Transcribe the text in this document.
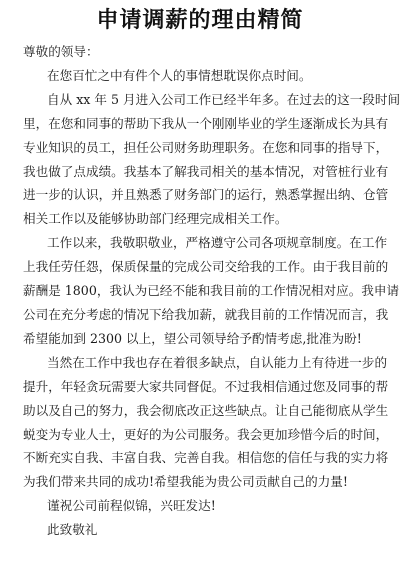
申请调薪的理由精简
尊敬的领导：
在您百忙之中有件个人的事情想耽误你点时间。
自从 xx 年 5 月进入公司工作已经半年多。在过去的这一段时间
里，在您和同事的帮助下我从一个刚刚毕业的学生逐渐成长为具有
专业知识的员工，担任公司财务助理职务。在您和同事的指导下，
我也做了点成绩。我基本了解我司相关的基本情况，对管桩行业有
进一步的认识，并且熟悉了财务部门的运行，熟悉掌握出纳、仓管
相关工作以及能够协助部门经理完成相关工作。
工作以来，我敬职敬业，严格遵守公司各项规章制度。在工作
上我任劳任怨，保质保量的完成公司交给我的工作。由于我目前的
薪酬是 1800，我认为已经不能和我目前的工作情况相对应。我申请
公司在充分考虑的情况下给我加薪，就我目前的工作情况而言，我
希望能加到 2300 以上，望公司领导给予酌情考虑,批准为盼!
当然在工作中我也存在着很多缺点，自认能力上有待进一步的
提升，年轻贪玩需要大家共同督促。不过我相信通过您及同事的帮
助以及自己的努力，我会彻底改正这些缺点。让自己能彻底从学生
蜕变为专业人士，更好的为公司服务。我会更加珍惜今后的时间，
不断充实自我、丰富自我、完善自我。相信您的信任与我的实力将
为我们带来共同的成功!希望我能为贵公司贡献自己的力量!
谨祝公司前程似锦，兴旺发达!
此致敬礼
